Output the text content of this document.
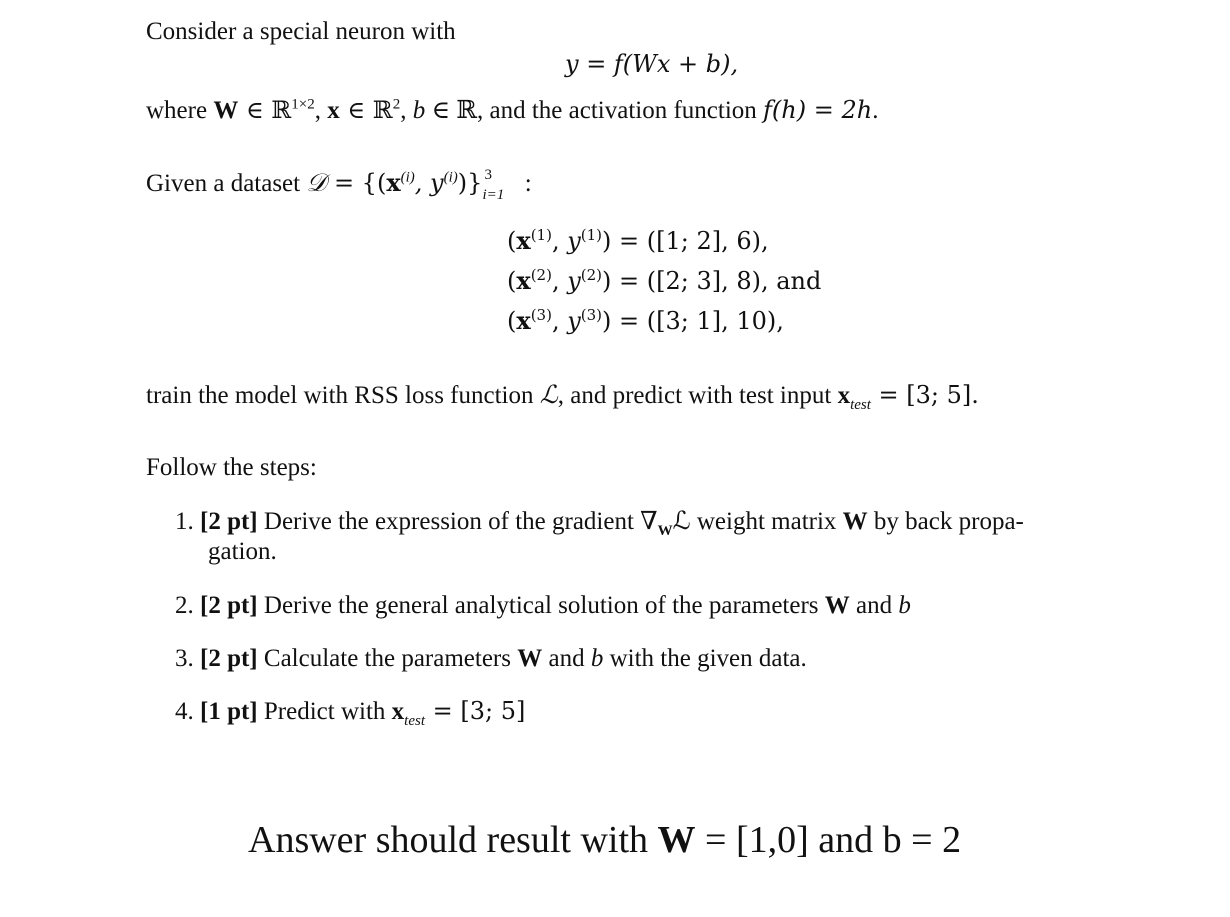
Consider a special neuron with
y = f(Wx + b),
where W ∈ ℝ$^{1\times 2}$, x ∈ ℝ$^2$, b ∈ ℝ, and the activation function f(h) = 2h.
Given a dataset 𝒟 = {($x^{(i)}$, $y^{(i)}$)} 3
i=1 :
($x^{(1)}$, $y^{(1)}) = ([1$; 2], 6),
($x^{(2)}$, $y^{(2)}) = ([2$; 3], 8), and
($x^{(3)}$, $y^{(3)}) = ([3$; 1], 10),
train the model with RSS loss function ℒ, and predict with test input $x_{test} = [3$; 5].
Follow the steps:
1. [2 pt] Derive the expression of the gradient $\nabla_Wℒ$ weight matrix W by back propa-
gation.
2. [2 pt] Derive the general analytical solution of the parameters W and b
3. [2 pt] Calculate the parameters W and b with the given data.
4. [1 pt] Predict with $x_{test} = [3$; 5]
Answer should result with W = [1,0] and b = 2
